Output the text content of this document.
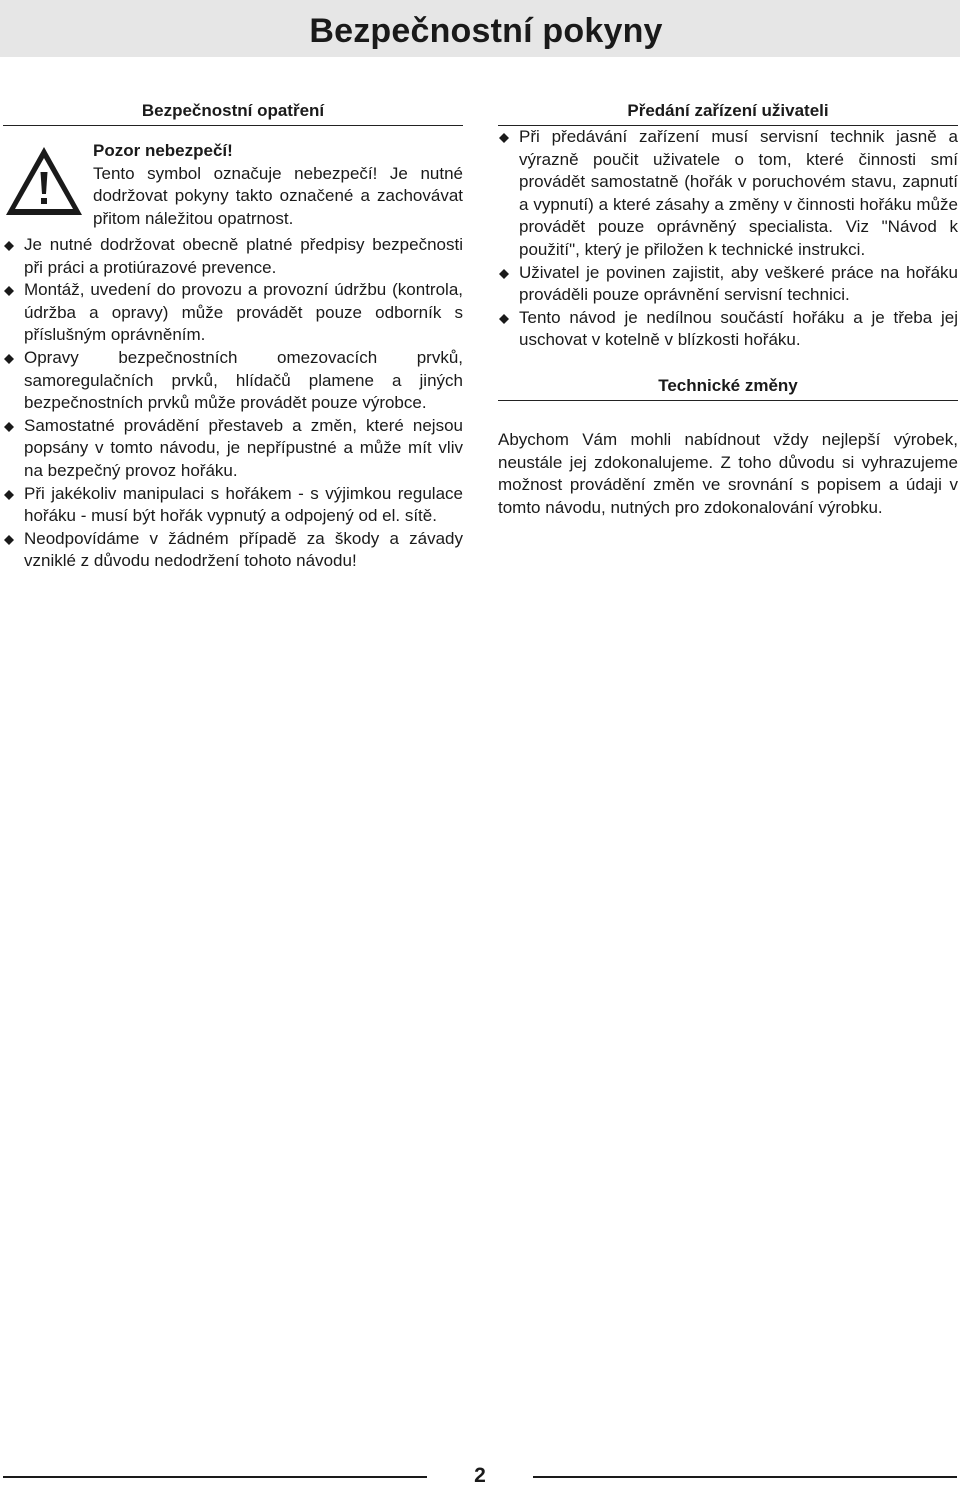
Bezpečnostní pokyny
Bezpečnostní opatření
Pozor nebezpečí!
Tento symbol označuje nebezpečí! Je nutné dodržovat pokyny takto označené a zachovávat přitom náležitou opatrnost.
Je nutné dodržovat obecně platné předpisy bezpečnosti při práci a protiúrazové prevence.
Montáž, uvedení do provozu a provozní údržbu (kontrola, údržba a opravy) může provádět pouze odborník s příslušným oprávněním.
Opravy bezpečnostních omezovacích prvků, samoregulačních prvků, hlídačů plamene a jiných bezpečnostních prvků může provádět pouze výrobce.
Samostatné provádění přestaveb a změn, které nejsou popsány v tomto návodu, je nepřípustné a může mít vliv na bezpečný provoz hořáku.
Při jakékoliv manipulaci s hořákem - s výjimkou regulace hořáku - musí být hořák vypnutý a odpojený od el. sítě.
Neodpovídáme v žádném případě za škody a závady vzniklé z důvodu nedodržení tohoto návodu!
Předání zařízení uživateli
Při předávání zařízení musí servisní technik jasně a výrazně poučit uživatele o tom, které činnosti smí provádět samostatně (hořák v poruchovém stavu, zapnutí a vypnutí) a které zásahy a změny v činnosti hořáku může provádět pouze oprávněný specialista. Viz "Návod k použití", který je přiložen k technické instrukci.
Uživatel je povinen zajistit, aby veškeré práce na hořáku prováděli pouze oprávnění servisní technici.
Tento návod je nedílnou součástí hořáku a je třeba jej uschovat v kotelně v blízkosti hořáku.
Technické změny
Abychom Vám mohli nabídnout vždy nejlepší výrobek, neustále jej zdokonalujeme. Z toho důvodu si vyhrazujeme možnost provádění změn ve srovnání s popisem a údaji v tomto návodu, nutných pro zdokonalování výrobku.
2
